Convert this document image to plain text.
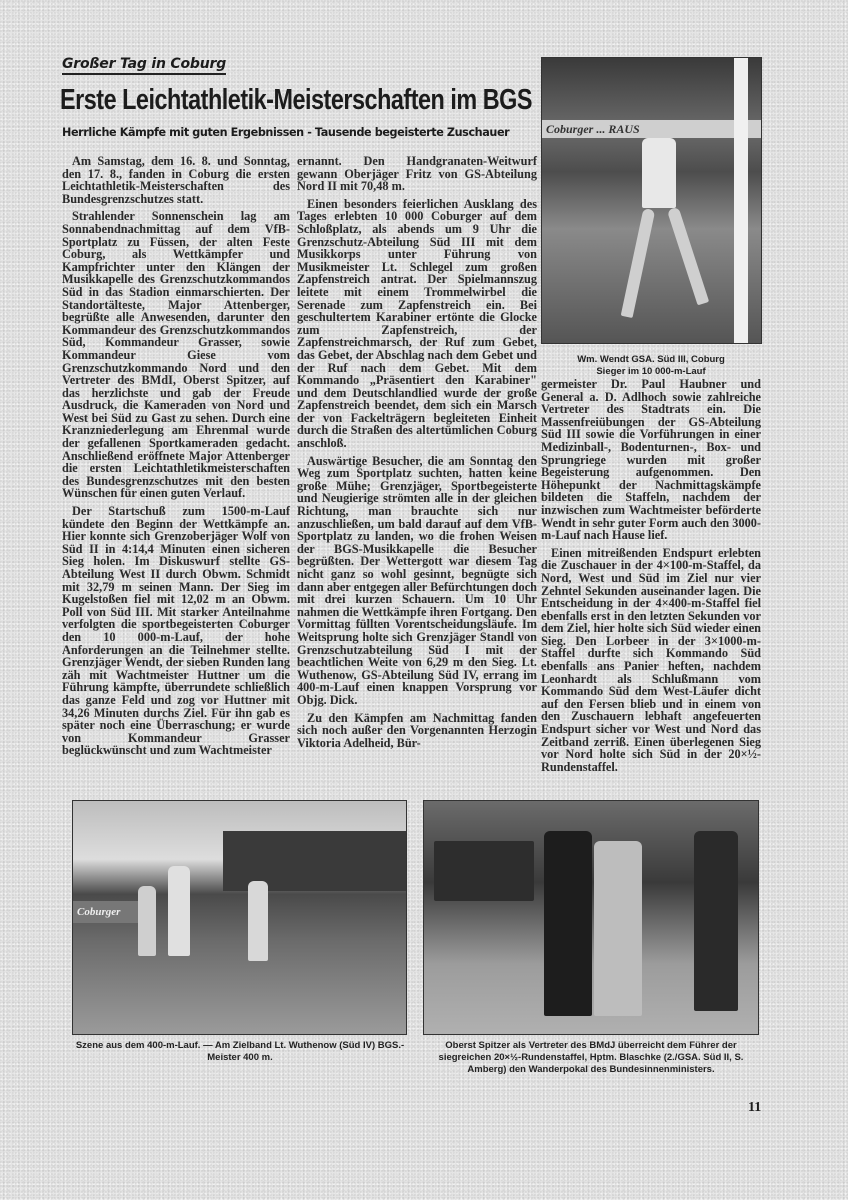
Großer Tag in Coburg
Erste Leichtathletik-Meisterschaften im BGS
Herrliche Kämpfe mit guten Ergebnissen - Tausende begeisterte Zuschauer

Am Samstag, dem 16. 8. und Sonntag, den 17. 8., fanden in Coburg die ersten Leichtathletik-Meisterschaften des Bundesgrenzschutzes statt.

Strahlender Sonnenschein lag am Sonnabendnachmittag auf dem VfB-Sportplatz zu Füssen, der alten Feste Coburg, als Wettkämpfer und Kampfrichter unter den Klängen der Musikkapelle des Grenzschutzkommandos Süd in das Stadion einmarschierten. Der Standortälteste, Major Attenberger, begrüßte alle Anwesenden, darunter den Kommandeur des Grenzschutzkommandos Süd, Kommandeur Grasser, sowie Kommandeur Giese vom Grenzschutzkommando Nord und den Vertreter des BMdI, Oberst Spitzer, auf das herzlichste und gab der Freude Ausdruck, die Kameraden von Nord und West bei Süd zu Gast zu sehen. Durch eine Kranzniederlegung am Ehrenmal wurde der gefallenen Sportkameraden gedacht. Anschließend eröffnete Major Attenberger die ersten Leichtathletikmeisterschaften des Bundesgrenzschutzes mit den besten Wünschen für einen guten Verlauf.

Der Startschuß zum 1500-m-Lauf kündete den Beginn der Wettkämpfe an. Hier konnte sich Grenzoberjäger Wolf von Süd II in 4:14,4 Minuten einen sicheren Sieg holen. Im Diskuswurf stellte GS-Abteilung West II durch Obwm. Schmidt mit 32,79 m seinen Mann. Der Sieg im Kugelstoßen fiel mit 12,02 m an Obwm. Poll von Süd III. Mit starker Anteilnahme verfolgten die sportbegeisterten Coburger den 10 000-m-Lauf, der hohe Anforderungen an die Teilnehmer stellte. Grenzjäger Wendt, der sieben Runden lang zäh mit Wachtmeister Huttner um die Führung kämpfte, überrundete schließlich das ganze Feld und zog vor Huttner mit 34,26 Minuten durchs Ziel. Für ihn gab es später noch eine Überraschung; er wurde von Kommandeur Grasser beglückwünscht und zum Wachtmeister

ernannt. Den Handgranaten-Weitwurf gewann Oberjäger Fritz von GS-Abteilung Nord II mit 70,48 m.

Einen besonders feierlichen Ausklang des Tages erlebten 10 000 Coburger auf dem Schloßplatz, als abends um 9 Uhr die Grenzschutz-Abteilung Süd III mit dem Musikkorps unter Führung von Musikmeister Lt. Schlegel zum großen Zapfenstreich antrat. Der Spielmannszug leitete mit einem Trommelwirbel die Serenade zum Zapfenstreich ein. Bei geschultertem Karabiner ertönte die Glocke zum Zapfenstreich, der Zapfenstreichmarsch, der Ruf zum Gebet, das Gebet, der Abschlag nach dem Gebet und der Ruf nach dem Gebet. Mit dem Kommando „Präsentiert den Karabiner" und dem Deutschlandlied wurde der große Zapfenstreich beendet, dem sich ein Marsch der von Fackelträgern begleiteten Einheit durch die Straßen des altertümlichen Coburg anschloß.

Auswärtige Besucher, die am Sonntag den Weg zum Sportplatz suchten, hatten keine große Mühe; Grenzjäger, Sportbegeisterte und Neugierige strömten alle in der gleichen Richtung, man brauchte sich nur anzuschließen, um bald darauf auf dem VfB-Sportplatz zu landen, wo die frohen Weisen der BGS-Musikkapelle die Besucher begrüßten. Der Wettergott war diesem Tag nicht ganz so wohl gesinnt, begnügte sich dann aber entgegen aller Befürchtungen doch mit drei kurzen Schauern. Um 10 Uhr nahmen die Wettkämpfe ihren Fortgang. Den Vormittag füllten Vorentscheidungsläufe. Im Weitsprung holte sich Grenzjäger Standl von Grenzschutzabteilung Süd I mit der beachtlichen Weite von 6,29 m den Sieg. Lt. Wuthenow, GS-Abteilung Süd IV, errang im 400-m-Lauf einen knappen Vorsprung vor Objg. Dick.

Zu den Kämpfen am Nachmittag fanden sich noch außer den Vorgenannten Herzogin Viktoria Adelheid, Bür-

Coburger ... RAUS
Wm. Wendt GSA. Süd III, Coburg
Sieger im 10 000-m-Lauf

germeister Dr. Paul Haubner und General a. D. Adlhoch sowie zahlreiche Vertreter des Stadtrats ein. Die Massenfreiübungen der GS-Abteilung Süd III sowie die Vorführungen in einer Medizinball-, Bodenturnen-, Box- und Sprungriege wurden mit großer Begeisterung aufgenommen. Den Höhepunkt der Nachmittagskämpfe bildeten die Staffeln, nachdem der inzwischen zum Wachtmeister beförderte Wendt in sehr guter Form auch den 3000-m-Lauf nach Hause lief.

Einen mitreißenden Endspurt erlebten die Zuschauer in der 4×100-m-Staffel, da Nord, West und Süd im Ziel nur vier Zehntel Sekunden auseinander lagen. Die Entscheidung in der 4×400-m-Staffel fiel ebenfalls erst in den letzten Sekunden vor dem Ziel, hier holte sich Süd wieder einen Sieg. Den Lorbeer in der 3×1000-m-Staffel durfte sich Kommando Süd ebenfalls ans Panier heften, nachdem Leonhardt als Schlußmann vom Kommando Süd dem West-Läufer dicht auf den Fersen blieb und in einem von den Zuschauern lebhaft angefeuerten Endspurt sicher vor West und Nord das Zeitband zerriß. Einen überlegenen Sieg vor Nord holte sich Süd in der 20×½-Rundenstaffel.

Coburger
Szene aus dem 400-m-Lauf. — Am Zielband Lt. Wuthenow (Süd IV) BGS.-Meister 400 m.
Oberst Spitzer als Vertreter des BMdJ überreicht dem Führer der siegreichen 20×½-Rundenstaffel, Hptm. Blaschke (2./GSA. Süd II, S. Amberg) den Wanderpokal des Bundesinnenministers.
11
